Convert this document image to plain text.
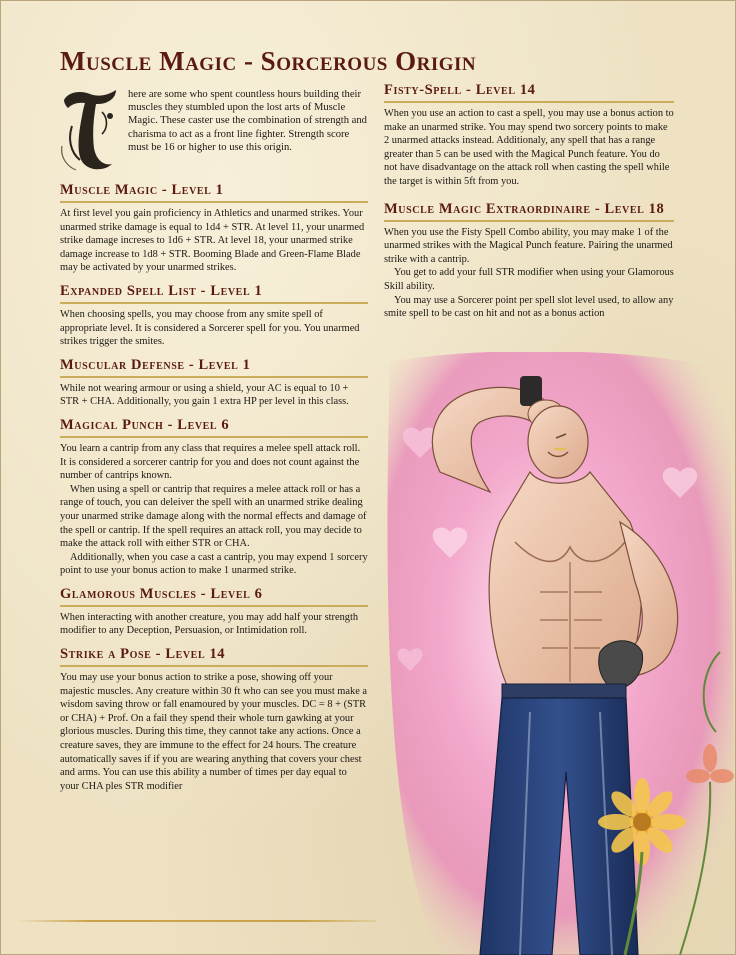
Muscle Magic - Sorcerous Origin

here are some who spent countless hours building their muscles they stumbled upon the lost arts of Muscle Magic. These caster use the combination of strength and charisma to act as a front line fighter. Strength score must be 16 or higher to use this origin.

Muscle Magic - Level 1

At first level you gain proficiency in Athletics and unarmed strikes. Your unarmed strike damage is equal to 1d4 + STR. At level 11, your unarmed strike damage increses to 1d6 + STR. At level 18, your unarmed strike damage increase to 1d8 + STR. Booming Blade and Green-Flame Blade may be activated by your unarmed strikes.

Expanded Spell List - Level 1

When choosing spells, you may choose from any smite spell of appropriate level. It is considered a Sorcerer spell for you. You unarmed strikes trigger the smites.

Muscular Defense - Level 1

While not wearing armour or using a shield, your AC is equal to 10 + STR + CHA. Additionally, you gain 1 extra HP per level in this class.

Magical Punch - Level 6

You learn a cantrip from any class that requires a melee spell attack roll. It is considered a sorcerer cantrip for you and does not count against the number of cantrips known.

When using a spell or cantrip that requires a melee attack roll or has a range of touch, you can deleiver the spell with an unarmed strike dealing your unarmed strike damage along with the normal effects and damage of the spell or cantrip. If the spell requires an attack roll, you may decide to make the attack roll with either STR or CHA.

Additionally, when you case a cast a cantrip, you may expend 1 sorcery point to use your bonus action to make 1 unarmed strike.

Glamorous Muscles - Level 6

When interacting with another creature, you may add half your strength modifier to any Deception, Persuasion, or Intimidation roll.

Strike a Pose - Level 14

You may use your bonus action to strike a pose, showing off your majestic muscles. Any creature within 30 ft who can see you must make a wisdom saving throw or fall enamoured by your muscles. DC = 8 + (STR or CHA) + Prof. On a fail they spend their whole turn gawking at your glorious muscles. During this time, they cannot take any actions. Once a creature saves, they are immune to the effect for 24 hours. The creature automatically saves if if you are wearing anything that covers your chest and arms. You can use this ability a number of times per day equal to your CHA ples STR modifier

Fisty-Spell - Level 14

When you use an action to cast a spell, you may use a bonus action to make an unarmed strike. You may spend two sorcery points to make 2 unarmed attacks instead. Additionaly, any spell that has a range greater than 5 can be used with the Magical Punch feature. You do not have disadvantage on the attack roll when casting the spell while the target is within 5ft from you.

Muscle Magic Extraordinaire - Level 18

When you use the Fisty Spell Combo ability, you may make 1 of the unarmed strikes with the Magical Punch feature. Pairing the unarmed strike with a cantrip.

You get to add your full STR modifier when using your Glamorous Skill ability.

You may use a Sorcerer point per spell slot level used, to allow any smite spell to be cast on hit and not as a bonus action
